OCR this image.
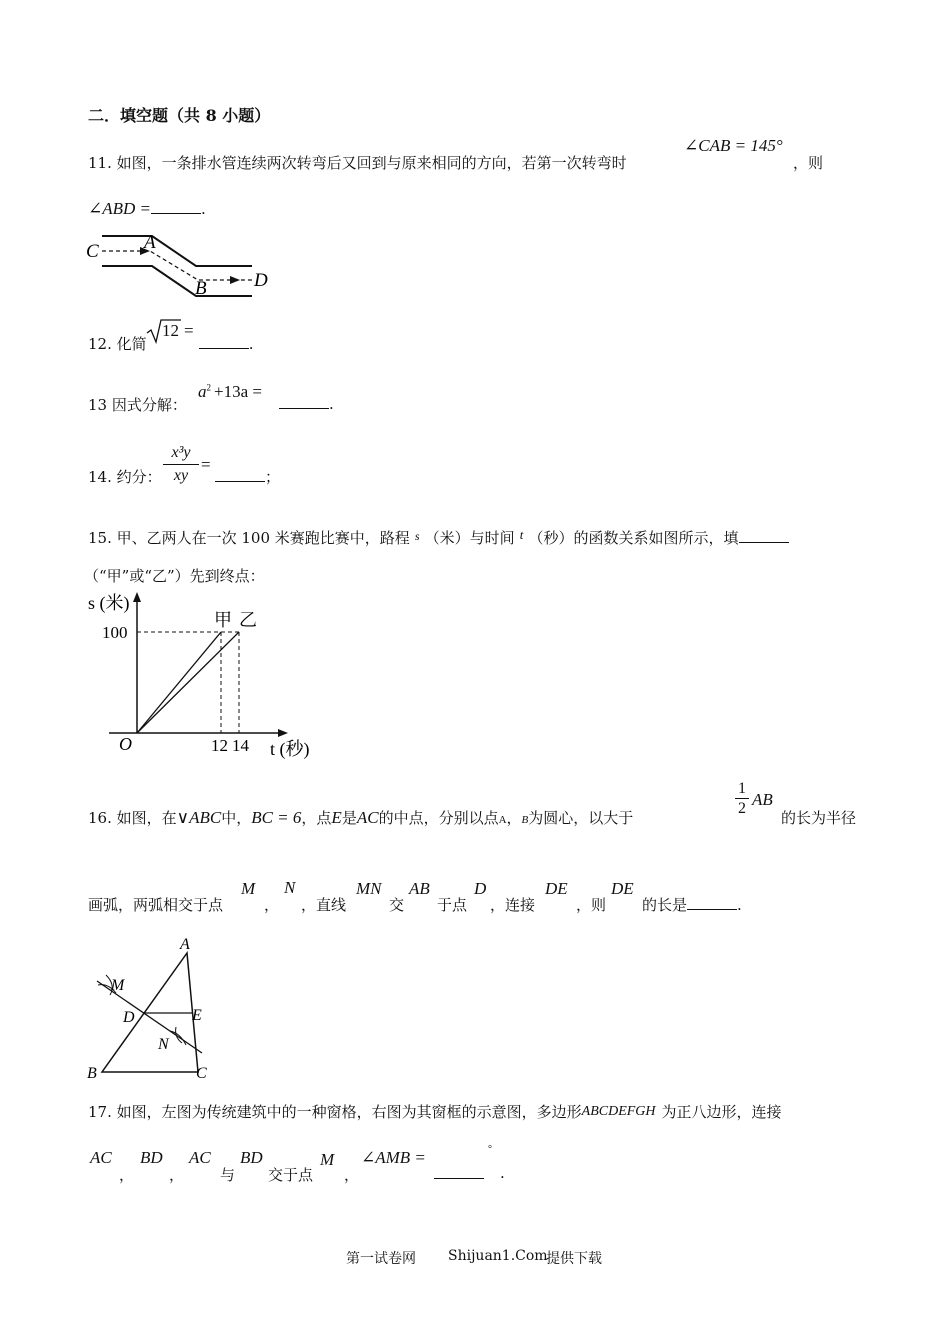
二．填空题（共 8 小题）
11. 如图，一条排水管连续两次转弯后又回到与原来相同的方向，若第一次转弯时
∠CAB = 145°
，则
∠ABD =	.
C A
B D
12. 化简
12 = .
13 因式分解：
$a^2 +13a$ =
.
14. 约分：
x³y
xy
=
；
15. 甲、乙两人在一次 100 米赛跑比赛中，路程 s （米）与时间 $^t$ （秒）的函数关系如图所示，填
（“甲”或“乙”）先到终点：
s (米)
100
O	12 14 t (秒)
甲 乙
16. 如图，在∨ABC中，BC = 6，点E是AC的中点，分别以点A，B为圆心，以大于
1
2 AB
的长为半径
画弧，两弧相交于点
M
，
N
，直线
MN
交
AB
于点
D
，连接
DE
，则
DE
的长是	.
A
M
D	E
N
B	C
17. 如图，左图为传统建筑中的一种窗格，右图为其窗框的示意图，多边形ABCDEFGH 为正八边形，连接
AC
，
BD
，
AC
与
BD
交于点
M
，
∠AMB =	°
.
第一试卷网 Shijuan1.Com
提供下载
